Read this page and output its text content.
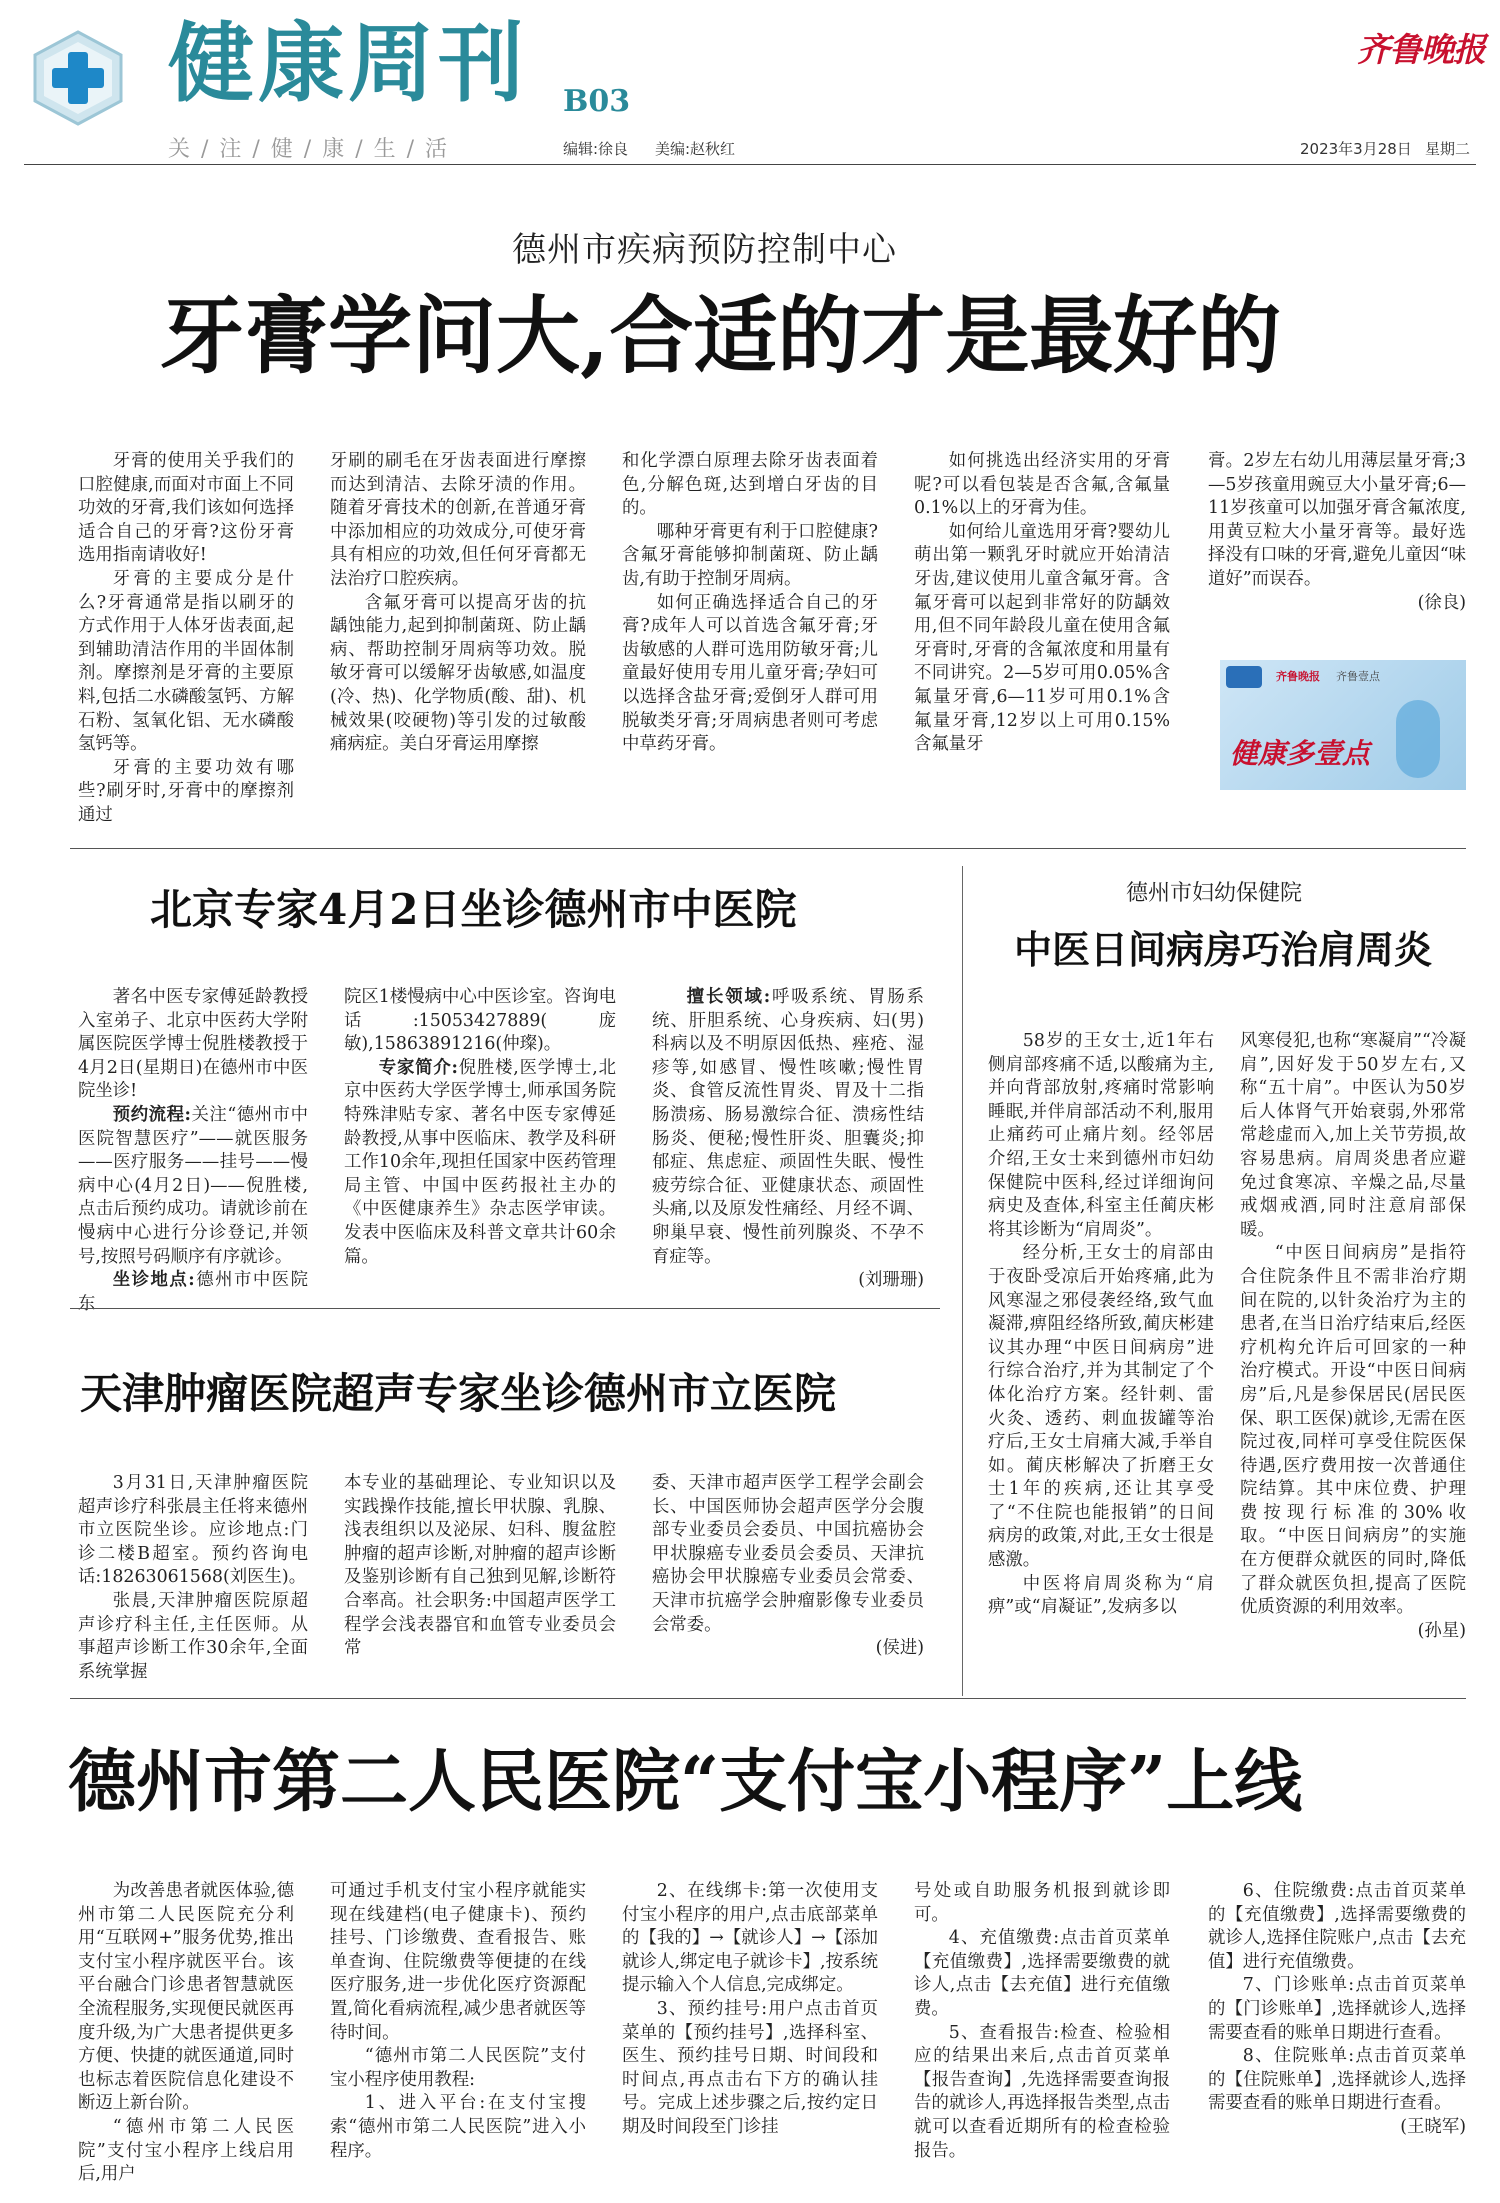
健康周刊 B03
关 / 注 / 健 / 康 / 生 / 活	编辑:徐良 美编:赵秋红
齐鲁晚报
2023年3月28日 星期二
德州市疾病预防控制中心
牙膏学问大,合适的才是最好的

牙膏的使用关乎我们的口腔健康,而面对市面上不同功效的牙膏,我们该如何选择适合自己的牙膏?这份牙膏选用指南请收好!

牙膏的主要成分是什么?牙膏通常是指以刷牙的方式作用于人体牙齿表面,起到辅助清洁作用的半固体制剂。摩擦剂是牙膏的主要原料,包括二水磷酸氢钙、方解石粉、氢氧化铝、无水磷酸氢钙等。

牙膏的主要功效有哪些?刷牙时,牙膏中的摩擦剂通过

牙刷的刷毛在牙齿表面进行摩擦而达到清洁、去除牙渍的作用。随着牙膏技术的创新,在普通牙膏中添加相应的功效成分,可使牙膏具有相应的功效,但任何牙膏都无法治疗口腔疾病。

含氟牙膏可以提高牙齿的抗龋蚀能力,起到抑制菌斑、防止龋病、帮助控制牙周病等功效。脱敏牙膏可以缓解牙齿敏感,如温度(冷、热)、化学物质(酸、甜)、机械效果(咬硬物)等引发的过敏酸痛病症。美白牙膏运用摩擦

和化学漂白原理去除牙齿表面着色,分解色斑,达到增白牙齿的目的。

哪种牙膏更有利于口腔健康?含氟牙膏能够抑制菌斑、防止龋齿,有助于控制牙周病。

如何正确选择适合自己的牙膏?成年人可以首选含氟牙膏;牙齿敏感的人群可选用防敏牙膏;儿童最好使用专用儿童牙膏;孕妇可以选择含盐牙膏;爱倒牙人群可用脱敏类牙膏;牙周病患者则可考虑中草药牙膏。

如何挑选出经济实用的牙膏呢?可以看包装是否含氟,含氟量0.1%以上的牙膏为佳。

如何给儿童选用牙膏?婴幼儿萌出第一颗乳牙时就应开始清洁牙齿,建议使用儿童含氟牙膏。含氟牙膏可以起到非常好的防龋效用,但不同年龄段儿童在使用含氟牙膏时,牙膏的含氟浓度和用量有不同讲究。2—5岁可用0.05%含氟量牙膏,6—11岁可用0.1%含氟量牙膏,12岁以上可用0.15%含氟量牙

膏。2岁左右幼儿用薄层量牙膏;3—5岁孩童用豌豆大小量牙膏;6—11岁孩童可以加强牙膏含氟浓度,用黄豆粒大小量牙膏等。最好选择没有口味的牙膏,避免儿童因“味道好”而误吞。

(徐良)

齐鲁晚报 齐鲁壹点
健康多壹点
北京专家4月2日坐诊德州市中医院

著名中医专家傅延龄教授入室弟子、北京中医药大学附属医院医学博士倪胜楼教授于4月2日(星期日)在德州市中医院坐诊!

预约流程:关注“德州市中医院智慧医疗”——就医服务——医疗服务——挂号——慢病中心(4月2日)——倪胜楼,点击后预约成功。请就诊前在慢病中心进行分诊登记,并领号,按照号码顺序有序就诊。

坐诊地点:德州市中医院东

院区1楼慢病中心中医诊室。咨询电话:15053427889(庞敏),15863891216(仲璨)。

专家简介:倪胜楼,医学博士,北京中医药大学医学博士,师承国务院特殊津贴专家、著名中医专家傅延龄教授,从事中医临床、教学及科研工作10余年,现担任国家中医药管理局主管、中国中医药报社主办的《中医健康养生》杂志医学审读。发表中医临床及科普文章共计60余篇。

擅长领域:呼吸系统、胃肠系统、肝胆系统、心身疾病、妇(男)科病以及不明原因低热、痤疮、湿疹等,如感冒、慢性咳嗽;慢性胃炎、食管反流性胃炎、胃及十二指肠溃疡、肠易激综合征、溃疡性结肠炎、便秘;慢性肝炎、胆囊炎;抑郁症、焦虑症、顽固性失眠、慢性疲劳综合征、亚健康状态、顽固性头痛,以及原发性痛经、月经不调、卵巢早衰、慢性前列腺炎、不孕不育症等。

(刘珊珊)

天津肿瘤医院超声专家坐诊德州市立医院

3月31日,天津肿瘤医院超声诊疗科张晨主任将来德州市立医院坐诊。应诊地点:门诊二楼B超室。预约咨询电话:18263061568(刘医生)。

张晨,天津肿瘤医院原超声诊疗科主任,主任医师。从事超声诊断工作30余年,全面系统掌握

本专业的基础理论、专业知识以及实践操作技能,擅长甲状腺、乳腺、浅表组织以及泌尿、妇科、腹盆腔肿瘤的超声诊断,对肿瘤的超声诊断及鉴别诊断有自己独到见解,诊断符合率高。社会职务:中国超声医学工程学会浅表器官和血管专业委员会常

委、天津市超声医学工程学会副会长、中国医师协会超声医学分会腹部专业委员会委员、中国抗癌协会甲状腺癌专业委员会委员、天津抗癌协会甲状腺癌专业委员会常委、天津市抗癌学会肿瘤影像专业委员会常委。

(侯进)

德州市妇幼保健院
中医日间病房巧治肩周炎

58岁的王女士,近1年右侧肩部疼痛不适,以酸痛为主,并向背部放射,疼痛时常影响睡眠,并伴肩部活动不利,服用止痛药可止痛片刻。经邻居介绍,王女士来到德州市妇幼保健院中医科,经过详细询问病史及查体,科室主任蔺庆彬将其诊断为“肩周炎”。

经分析,王女士的肩部由于夜卧受凉后开始疼痛,此为风寒湿之邪侵袭经络,致气血凝滞,痹阻经络所致,蔺庆彬建议其办理“中医日间病房”进行综合治疗,并为其制定了个体化治疗方案。经针刺、雷火灸、透药、刺血拔罐等治疗后,王女士肩痛大减,手举自如。蔺庆彬解决了折磨王女士1年的疾病,还让其享受了“不住院也能报销”的日间病房的政策,对此,王女士很是感激。

中医将肩周炎称为“肩痹”或“肩凝证”,发病多以

风寒侵犯,也称“寒凝肩”“冷凝肩”,因好发于50岁左右,又称“五十肩”。中医认为50岁后人体肾气开始衰弱,外邪常常趁虚而入,加上关节劳损,故容易患病。肩周炎患者应避免过食寒凉、辛燥之品,尽量戒烟戒酒,同时注意肩部保暖。

“中医日间病房”是指符合住院条件且不需非治疗期间在院的,以针灸治疗为主的患者,在当日治疗结束后,经医疗机构允许后可回家的一种治疗模式。开设“中医日间病房”后,凡是参保居民(居民医保、职工医保)就诊,无需在医院过夜,同样可享受住院医保待遇,医疗费用按一次普通住院结算。其中床位费、护理费按现行标准的30%收取。“中医日间病房”的实施在方便群众就医的同时,降低了群众就医负担,提高了医院优质资源的利用效率。

(孙星)

德州市第二人民医院“支付宝小程序”上线

为改善患者就医体验,德州市第二人民医院充分利用“互联网+”服务优势,推出支付宝小程序就医平台。该平台融合门诊患者智慧就医全流程服务,实现便民就医再度升级,为广大患者提供更多方便、快捷的就医通道,同时也标志着医院信息化建设不断迈上新台阶。

“德州市第二人民医院”支付宝小程序上线启用后,用户

可通过手机支付宝小程序就能实现在线建档(电子健康卡)、预约挂号、门诊缴费、查看报告、账单查询、住院缴费等便捷的在线医疗服务,进一步优化医疗资源配置,简化看病流程,减少患者就医等待时间。

“德州市第二人民医院”支付宝小程序使用教程:

1、进入平台:在支付宝搜索“德州市第二人民医院”进入小程序。

2、在线绑卡:第一次使用支付宝小程序的用户,点击底部菜单的【我的】→【就诊人】→【添加就诊人,绑定电子就诊卡】,按系统提示输入个人信息,完成绑定。

3、预约挂号:用户点击首页菜单的【预约挂号】,选择科室、医生、预约挂号日期、时间段和时间点,再点击右下方的确认挂号。完成上述步骤之后,按约定日期及时间段至门诊挂

号处或自助服务机报到就诊即可。

4、充值缴费:点击首页菜单【充值缴费】,选择需要缴费的就诊人,点击【去充值】进行充值缴费。

5、查看报告:检查、检验相应的结果出来后,点击首页菜单【报告查询】,先选择需要查询报告的就诊人,再选择报告类型,点击就可以查看近期所有的检查检验报告。

6、住院缴费:点击首页菜单的【充值缴费】,选择需要缴费的就诊人,选择住院账户,点击【去充值】进行充值缴费。

7、门诊账单:点击首页菜单的【门诊账单】,选择就诊人,选择需要查看的账单日期进行查看。

8、住院账单:点击首页菜单的【住院账单】,选择就诊人,选择需要查看的账单日期进行查看。

(王晓军)
